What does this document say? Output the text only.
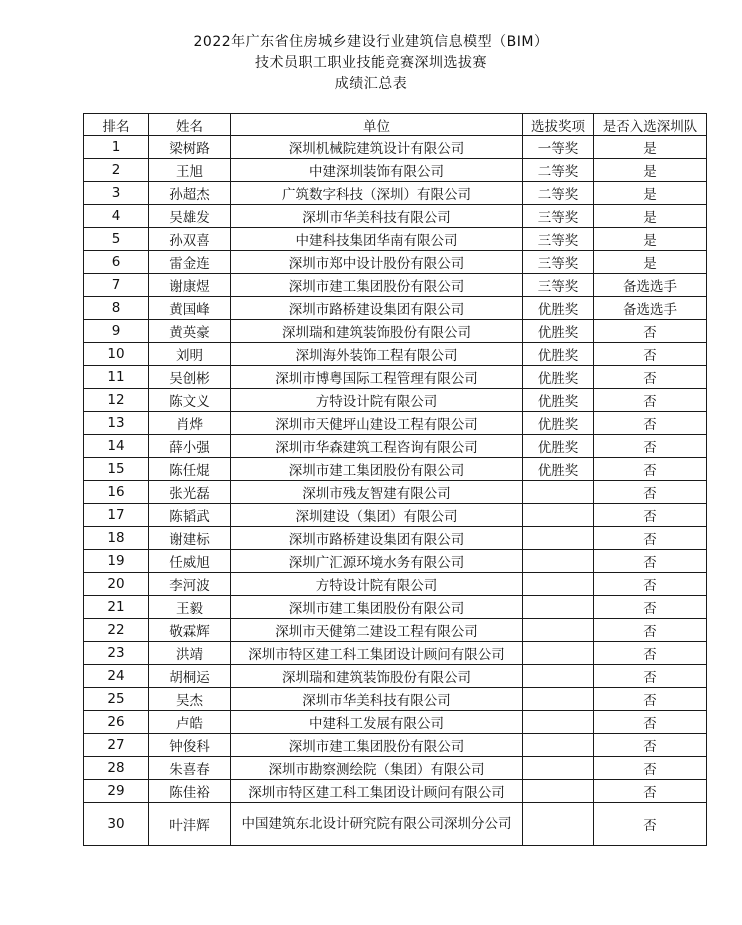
2022年广东省住房城乡建设行业建筑信息模型（BIM）
技术员职工职业技能竞赛深圳选拔赛
成绩汇总表
排名	姓名	单位	选拔奖项	是否入选深圳队
1	梁树路	深圳机械院建筑设计有限公司	一等奖	是
2	王旭	中建深圳装饰有限公司	二等奖	是
3	孙超杰	广筑数字科技（深圳）有限公司	二等奖	是
4	吴雄发	深圳市华美科技有限公司	三等奖	是
5	孙双喜	中建科技集团华南有限公司	三等奖	是
6	雷金连	深圳市郑中设计股份有限公司	三等奖	是
7	谢康煜	深圳市建工集团股份有限公司	三等奖	备选选手
8	黄国峰	深圳市路桥建设集团有限公司	优胜奖	备选选手
9	黄英豪	深圳瑞和建筑装饰股份有限公司	优胜奖	否
10	刘明	深圳海外装饰工程有限公司	优胜奖	否
11	吴创彬	深圳市博粤国际工程管理有限公司	优胜奖	否
12	陈文义	方特设计院有限公司	优胜奖	否
13	肖烨	深圳市天健坪山建设工程有限公司	优胜奖	否
14	薛小强	深圳市华森建筑工程咨询有限公司	优胜奖	否
15	陈任焜	深圳市建工集团股份有限公司	优胜奖	否
16	张光磊	深圳市残友智建有限公司		否
17	陈韬武	深圳建设（集团）有限公司		否
18	谢建标	深圳市路桥建设集团有限公司		否
19	任威旭	深圳广汇源环境水务有限公司		否
20	李河波	方特设计院有限公司		否
21	王毅	深圳市建工集团股份有限公司		否
22	敬霖辉	深圳市天健第二建设工程有限公司		否
23	洪靖	深圳市特区建工科工集团设计顾问有限公司		否
24	胡桐运	深圳瑞和建筑装饰股份有限公司		否
25	吴杰	深圳市华美科技有限公司		否
26	卢皓	中建科工发展有限公司		否
27	钟俊科	深圳市建工集团股份有限公司		否
28	朱喜春	深圳市勘察测绘院（集团）有限公司		否
29	陈佳裕	深圳市特区建工科工集团设计顾问有限公司		否
30	叶沣辉	中国建筑东北设计研究院有限公司深圳分公司		否
